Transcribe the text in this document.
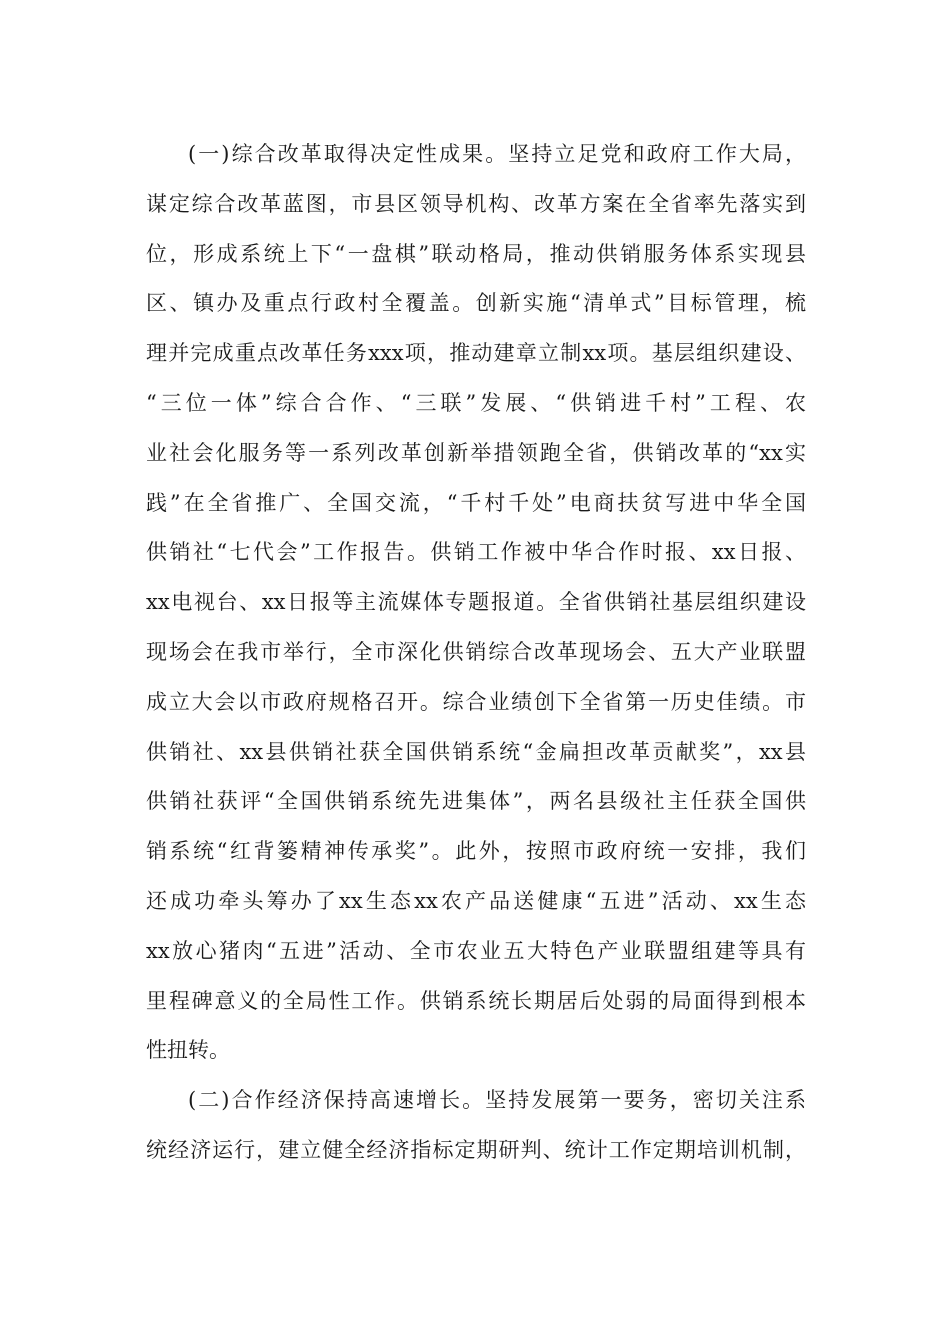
(一)综合改革取得决定性成果。坚持立足党和政府工作大局，
谋定综合改革蓝图，市县区领导机构、改革方案在全省率先落实到
位，形成系统上下“一盘棋”联动格局，推动供销服务体系实现县
区、镇办及重点行政村全覆盖。创新实施“清单式”目标管理，梳
理并完成重点改革任务xxx项，推动建章立制xx项。基层组织建设、
“三位一体”综合合作、“三联”发展、“供销进千村”工程、农
业社会化服务等一系列改革创新举措领跑全省，供销改革的“xx实
践”在全省推广、全国交流，“千村千处”电商扶贫写进中华全国
供销社“七代会”工作报告。供销工作被中华合作时报、xx日报、
xx电视台、xx日报等主流媒体专题报道。全省供销社基层组织建设
现场会在我市举行，全市深化供销综合改革现场会、五大产业联盟
成立大会以市政府规格召开。综合业绩创下全省第一历史佳绩。市
供销社、xx县供销社获全国供销系统“金扁担改革贡献奖”，xx县
供销社获评“全国供销系统先进集体”，两名县级社主任获全国供
销系统“红背篓精神传承奖”。此外，按照市政府统一安排，我们
还成功牵头筹办了xx生态xx农产品送健康“五进”活动、xx生态
xx放心猪肉“五进”活动、全市农业五大特色产业联盟组建等具有
里程碑意义的全局性工作。供销系统长期居后处弱的局面得到根本
性扭转。
(二)合作经济保持高速增长。坚持发展第一要务，密切关注系
统经济运行，建立健全经济指标定期研判、统计工作定期培训机制，
